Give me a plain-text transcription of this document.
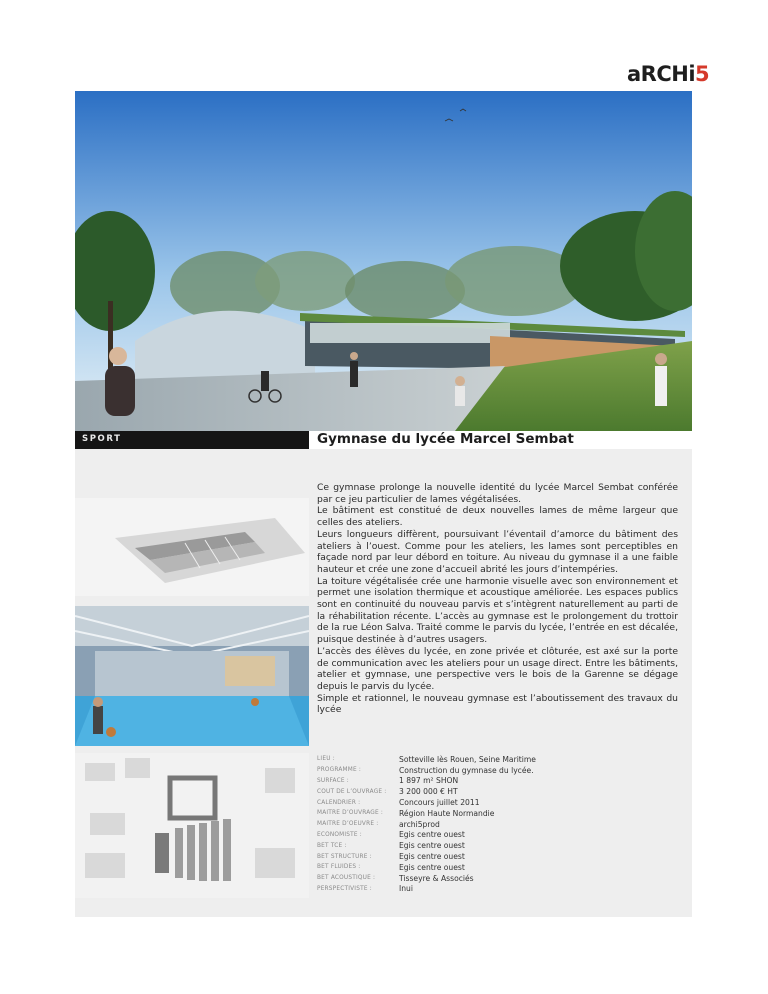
aRCHi5
SPORT	Gymnase du lycée Marcel Sembat

Ce gymnase prolonge la nouvelle identité du lycée Marcel Sembat conférée par ce jeu particulier de lames végétalisées.

Le bâtiment est constitué de deux nouvelles lames de même largeur que celles des ateliers.

Leurs longueurs diffèrent, poursuivant l’éventail d’amorce du bâtiment des ateliers à l’ouest. Comme pour les ateliers, les lames sont perceptibles en façade nord par leur débord en toiture. Au niveau du gymnase il a une faible hauteur et crée une zone d’accueil abrité les jours d’intempéries.

La toiture végétalisée crée une harmonie visuelle avec son environnement et permet une isolation thermique et acoustique améliorée. Les espaces publics sont en continuité du nouveau parvis et s’intègrent naturellement au parti de la réhabilitation récente. L’accès au gymnase est le prolongement du trottoir de la rue Léon Salva. Traité comme le parvis du lycée, l’entrée en est décalée, puisque destinée à d’autres usagers.

L’accès des élèves du lycée, en zone privée et clôturée, est axé sur la porte de communication avec les ateliers pour un usage direct. Entre les bâtiments, atelier et gymnase, une perspective vers le bois de la Garenne se dégage depuis le parvis du lycée.

Simple et rationnel, le nouveau gymnase est l’aboutissement des travaux du lycée

LIEU :	Sotteville lès Rouen, Seine Maritime
PROGRAMME :	Construction du gymnase du lycée.
SURFACE :	1 897 m² SHON
COUT DE L’OUVRAGE :	3 200 000 € HT
CALENDRIER :	Concours juillet 2011
MAITRE D’OUVRAGE :	Région Haute Normandie
MAITRE D’OEUVRE :	archi5prod
ECONOMISTE :	Egis centre ouest
BET TCE :	Egis centre ouest
BET STRUCTURE :	Egis centre ouest
BET FLUIDES :	Egis centre ouest
BET ACOUSTIQUE :	Tisseyre & Associés
PERSPECTIVISTE :	Inui
